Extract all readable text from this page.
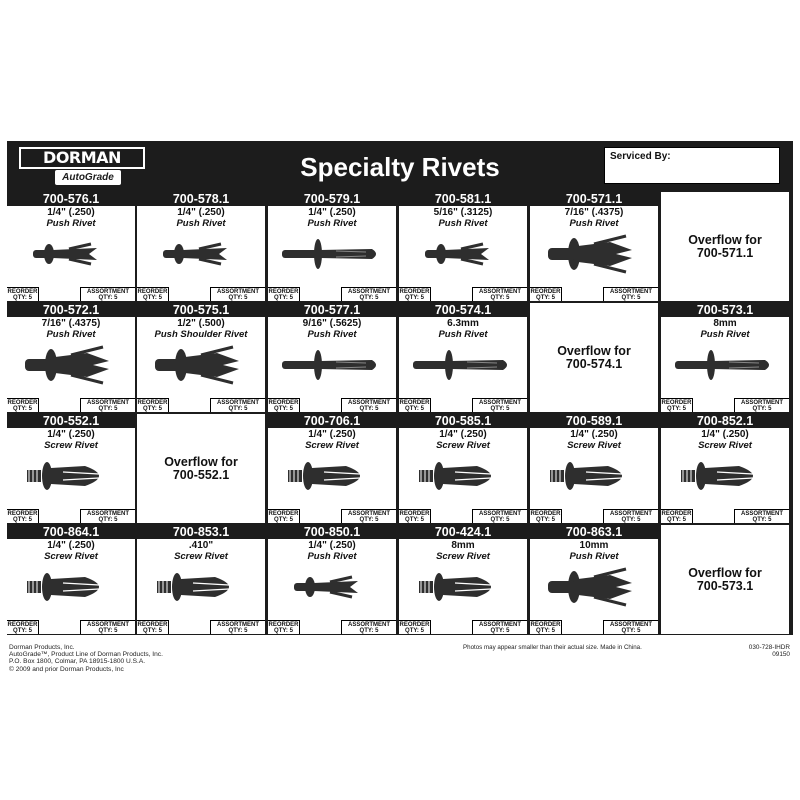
DORMAN
AutoGrade	Specialty Rivets	Serviced By:
700-576.1
1/4" (.250)
Push Rivet
REORDER
QTY: 5
ASSORTMENT
QTY: 5
700-578.1
1/4" (.250)
Push Rivet
REORDER
QTY: 5
ASSORTMENT
QTY: 5
700-579.1
1/4" (.250)
Push Rivet
REORDER
QTY: 5
ASSORTMENT
QTY: 5
700-581.1
5/16" (.3125)
Push Rivet
REORDER
QTY: 5
ASSORTMENT
QTY: 5
700-571.1
7/16" (.4375)
Push Rivet
REORDER
QTY: 5
ASSORTMENT
QTY: 5
Overflow for
700-571.1
700-572.1
7/16" (.4375)
Push Rivet
REORDER
QTY: 5
ASSORTMENT
QTY: 5
700-575.1
1/2" (.500)
Push Shoulder Rivet
REORDER
QTY: 5
ASSORTMENT
QTY: 5
700-577.1
9/16" (.5625)
Push Rivet
REORDER
QTY: 5
ASSORTMENT
QTY: 5
700-574.1
6.3mm
Push Rivet
REORDER
QTY: 5
ASSORTMENT
QTY: 5
Overflow for
700-574.1
700-573.1
8mm
Push Rivet
REORDER
QTY: 5
ASSORTMENT
QTY: 5
700-552.1
1/4" (.250)
Screw Rivet
REORDER
QTY: 5
ASSORTMENT
QTY: 5
Overflow for
700-552.1
700-706.1
1/4" (.250)
Screw Rivet
REORDER
QTY: 5
ASSORTMENT
QTY: 5
700-585.1
1/4" (.250)
Screw Rivet
REORDER
QTY: 5
ASSORTMENT
QTY: 5
700-589.1
1/4" (.250)
Screw Rivet
REORDER
QTY: 5
ASSORTMENT
QTY: 5
700-852.1
1/4" (.250)
Screw Rivet
REORDER
QTY: 5
ASSORTMENT
QTY: 5
700-864.1
1/4" (.250)
Screw Rivet
REORDER
QTY: 5
ASSORTMENT
QTY: 5
700-853.1
.410"
Screw Rivet
REORDER
QTY: 5
ASSORTMENT
QTY: 5
700-850.1
1/4" (.250)
Push Rivet
REORDER
QTY: 5
ASSORTMENT
QTY: 5
700-424.1
8mm
Screw Rivet
REORDER
QTY: 5
ASSORTMENT
QTY: 5
700-863.1
10mm
Push Rivet
REORDER
QTY: 5
ASSORTMENT
QTY: 5
Overflow for
700-573.1
Dorman Products, Inc.
AutoGrade™, Product Line of Dorman Products, Inc.
P.O. Box 1800, Colmar, PA 18915-1800 U.S.A.
© 2009 and prior Dorman Products, Inc
Photos may appear smaller than their actual size. Made in China.	030-728-IHDR
09150
